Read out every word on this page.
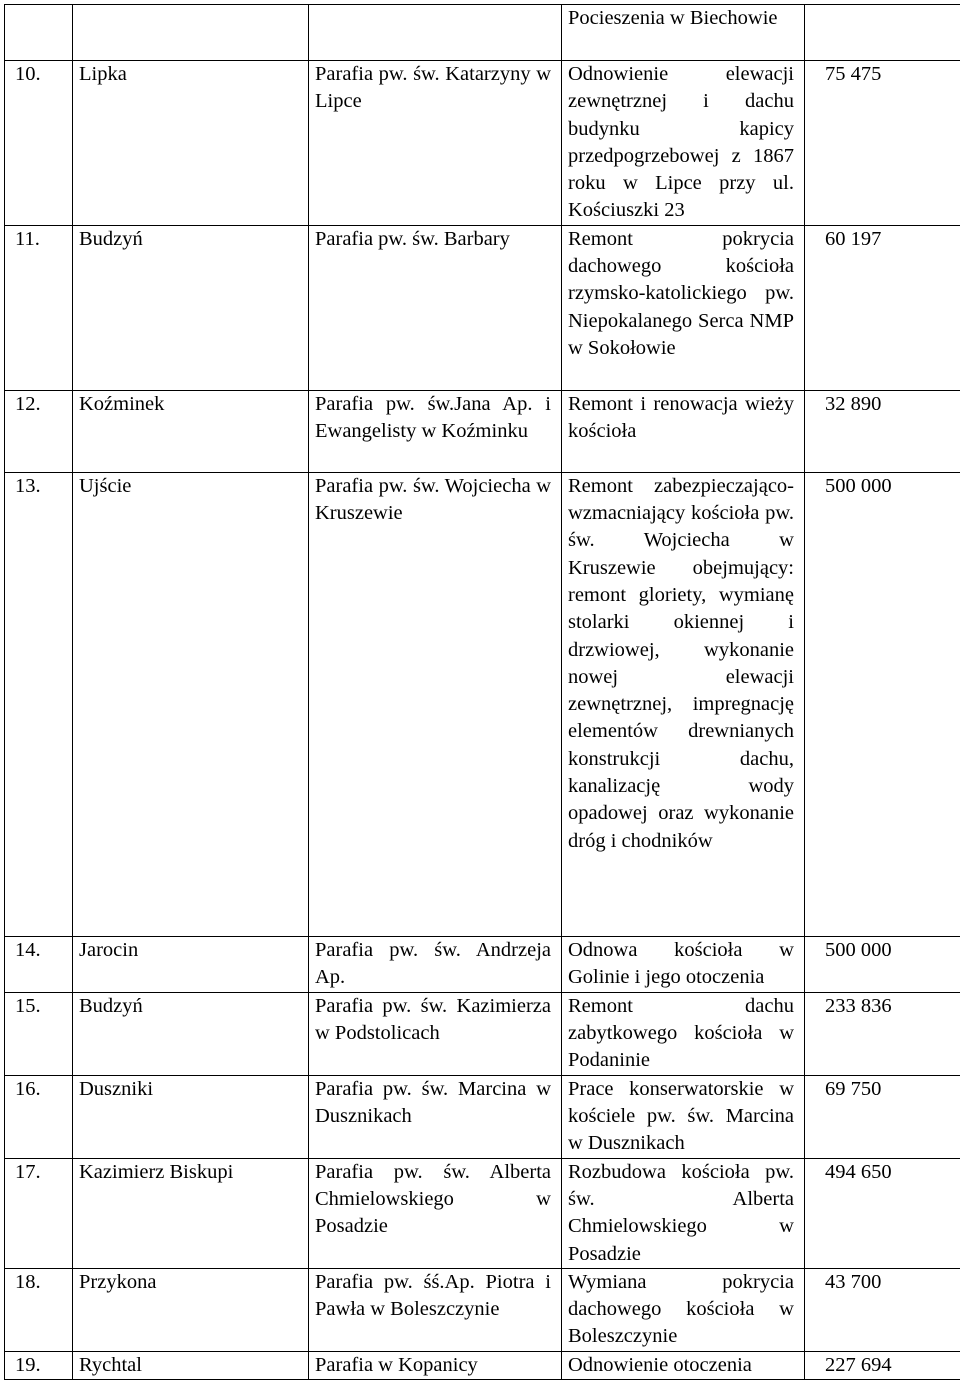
			Pocieszenia w Biechowie	

10.	Lipka	Parafia pw. św. Katarzyny w Lipce	Odnowienie elewacji zewnętrznej i dachu budynku kapicy przedpogrzebowej z 1867 roku w Lipce przy ul. Kościuszki 23	75 475
11.	Budzyń	Parafia pw. św. Barbary	Remont pokrycia dachowego kościoła rzymsko-katolickiego pw. Niepokalanego Serca NMP w Sokołowie	60 197
12.	Koźminek	Parafia pw. św.Jana Ap. i Ewangelisty w Koźminku	Remont i renowacja wieży kościoła	32 890
13.	Ujście	Parafia pw. św. Wojciecha w Kruszewie	Remont zabezpieczająco-wzmacniający kościoła pw. św. Wojciecha w Kruszewie obejmujący: remont gloriety, wymianę stolarki okiennej i drzwiowej, wykonanie nowej elewacji zewnętrznej, impregnację elementów drewnianych konstrukcji dachu, kanalizację wody opadowej oraz wykonanie dróg i chodników	500 000
14.	Jarocin	Parafia pw. św. Andrzeja Ap.	Odnowa kościoła w Golinie i jego otoczenia	500 000
15.	Budzyń	Parafia pw. św. Kazimierza w Podstolicach	Remont dachu zabytkowego kościoła w Podaninie	233 836
16.	Duszniki	Parafia pw. św. Marcina w Dusznikach	Prace konserwatorskie w kościele pw. św. Marcina w Dusznikach	69 750
17.	Kazimierz Biskupi	Parafia pw. św. Alberta Chmielowskiego w Posadzie	Rozbudowa kościoła pw. św. Alberta Chmielowskiego w Posadzie	494 650
18.	Przykona	Parafia pw. śś.Ap. Piotra i Pawła w Boleszczynie	Wymiana pokrycia dachowego kościoła w Boleszczynie	43 700
19.	Rychtal	Parafia w Kopanicy	Odnowienie otoczenia	227 694
